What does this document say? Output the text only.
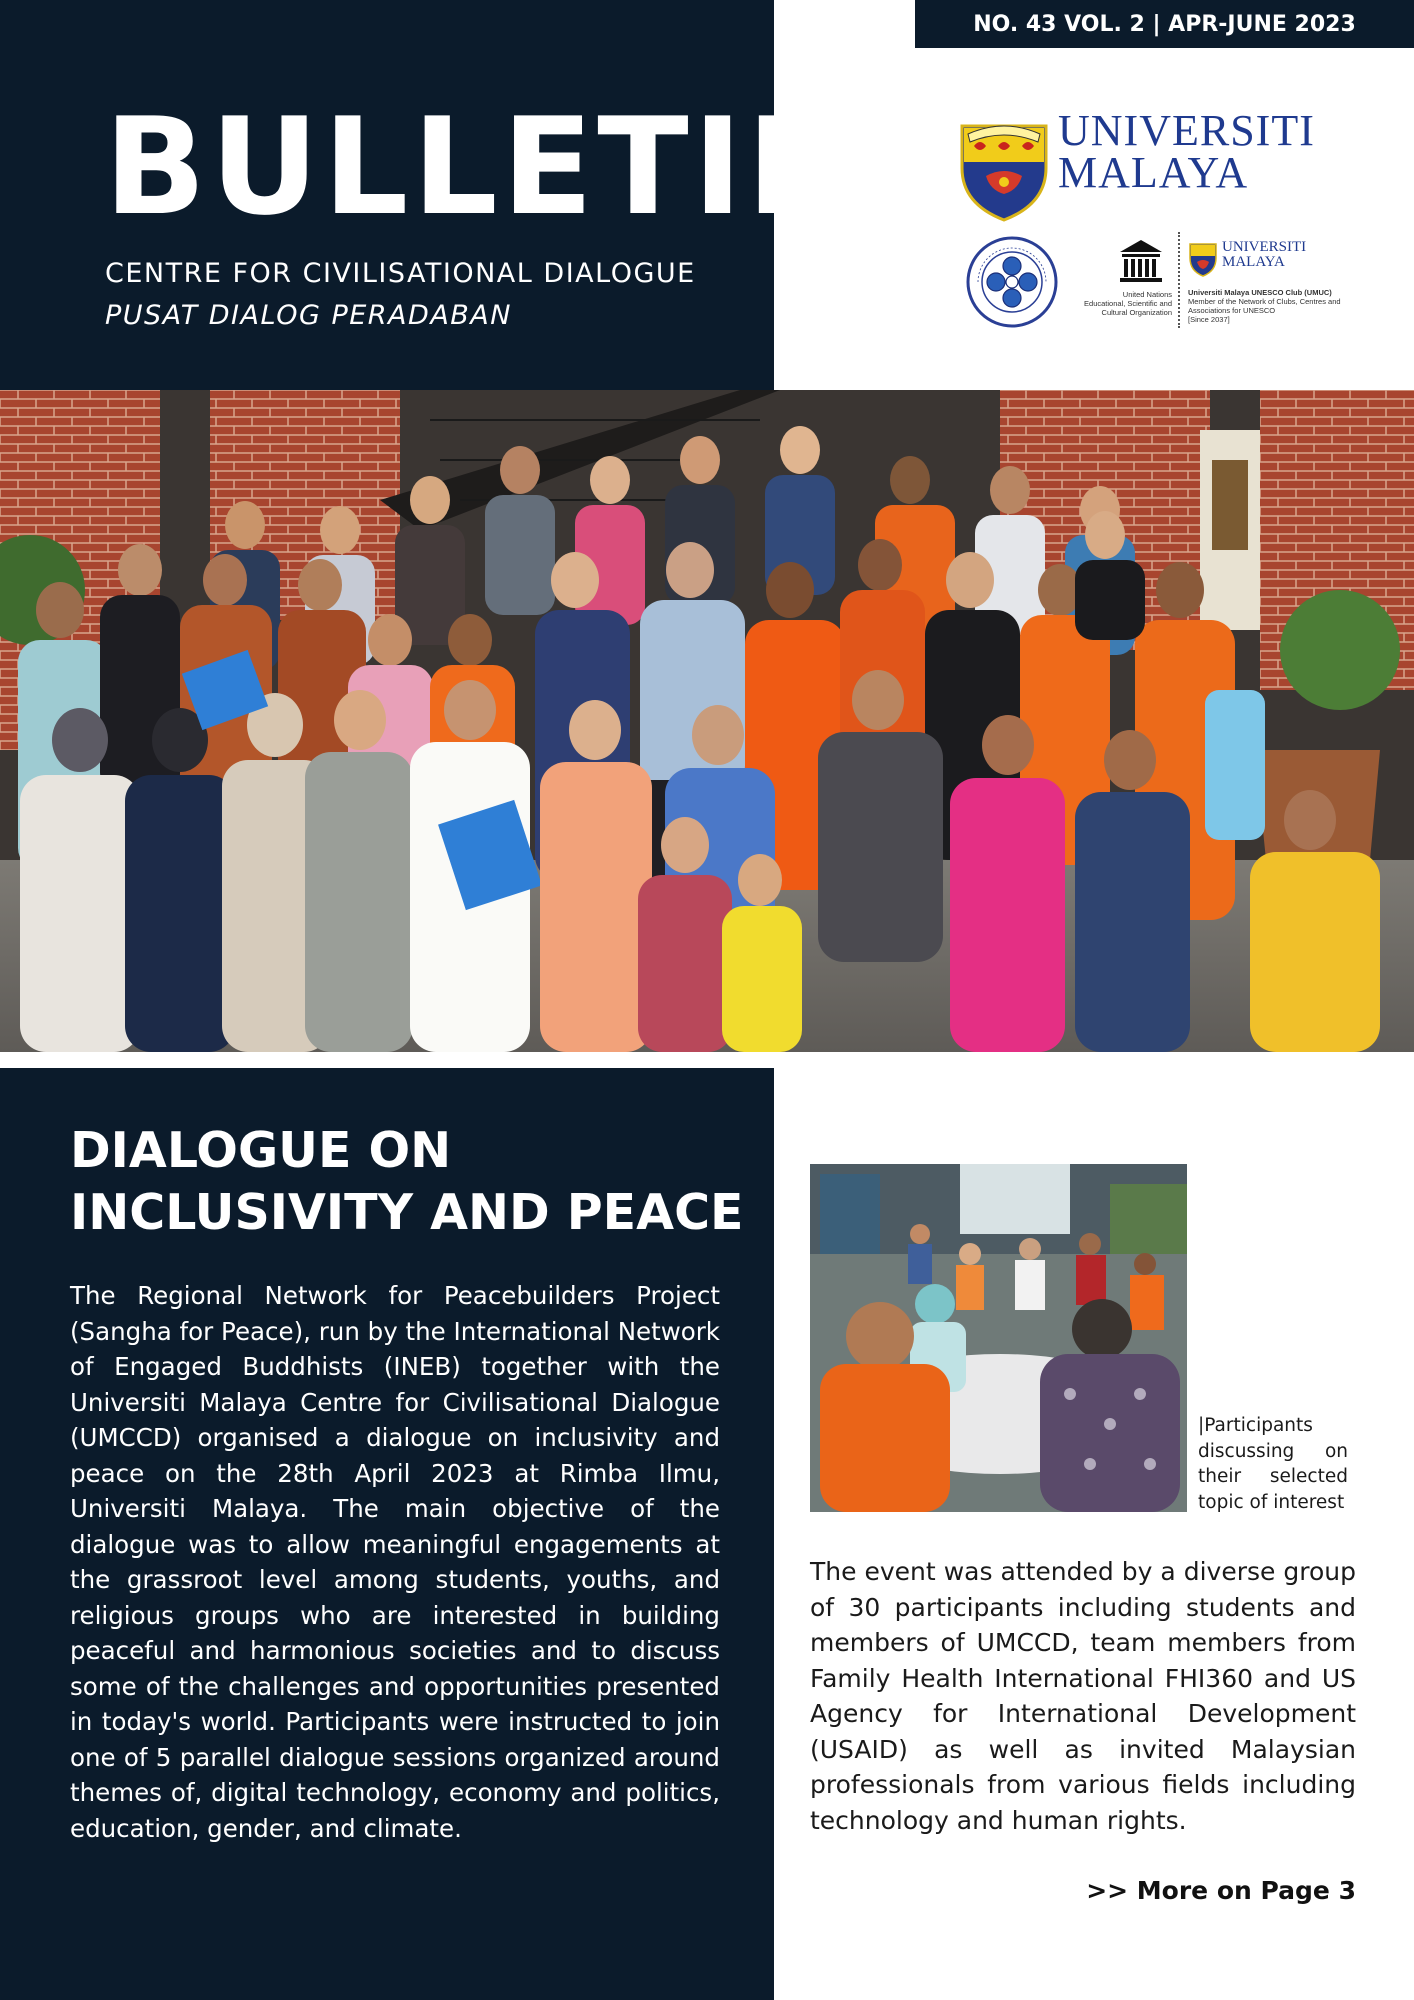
NO. 43 VOL. 2 | APR-JUNE 2023
BULLETIN
CENTRE FOR CIVILISATIONAL DIALOGUE
PUSAT DIALOG PERADABAN
UNIVERSITI
MALAYA
United Nations
Educational, Scientific and
Cultural Organization
UNIVERSITI
MALAYA
Universiti Malaya UNESCO Club (UMUC)
Member of the Network of Clubs, Centres and
Associations for UNESCO
[Since 2037]
DIALOGUE ON
INCLUSIVITY AND PEACE
The Regional Network for Peacebuilders Project (Sangha for Peace), run by the International Network of Engaged Buddhists (INEB) together with the Universiti Malaya Centre for Civilisational Dialogue (UMCCD) organised a dialogue on inclusivity and peace on the 28th April 2023 at Rimba Ilmu, Universiti Malaya. The main objective of the dialogue was to allow meaningful engagements at the grassroot level among students, youths, and religious groups who are interested in building peaceful and harmonious societies and to discuss some of the challenges and opportunities presented in today's world. Participants were instructed to join one of 5 parallel dialogue sessions organized around themes of, digital technology, economy and politics, education, gender, and climate.
|Participants discussing on their selected topic of interest
The event was attended by a diverse group of 30 participants including students and members of UMCCD, team members from Family Health International FHI360 and US Agency for International Development (USAID) as well as invited Malaysian professionals from various fields including technology and human rights.
>> More on Page 3
